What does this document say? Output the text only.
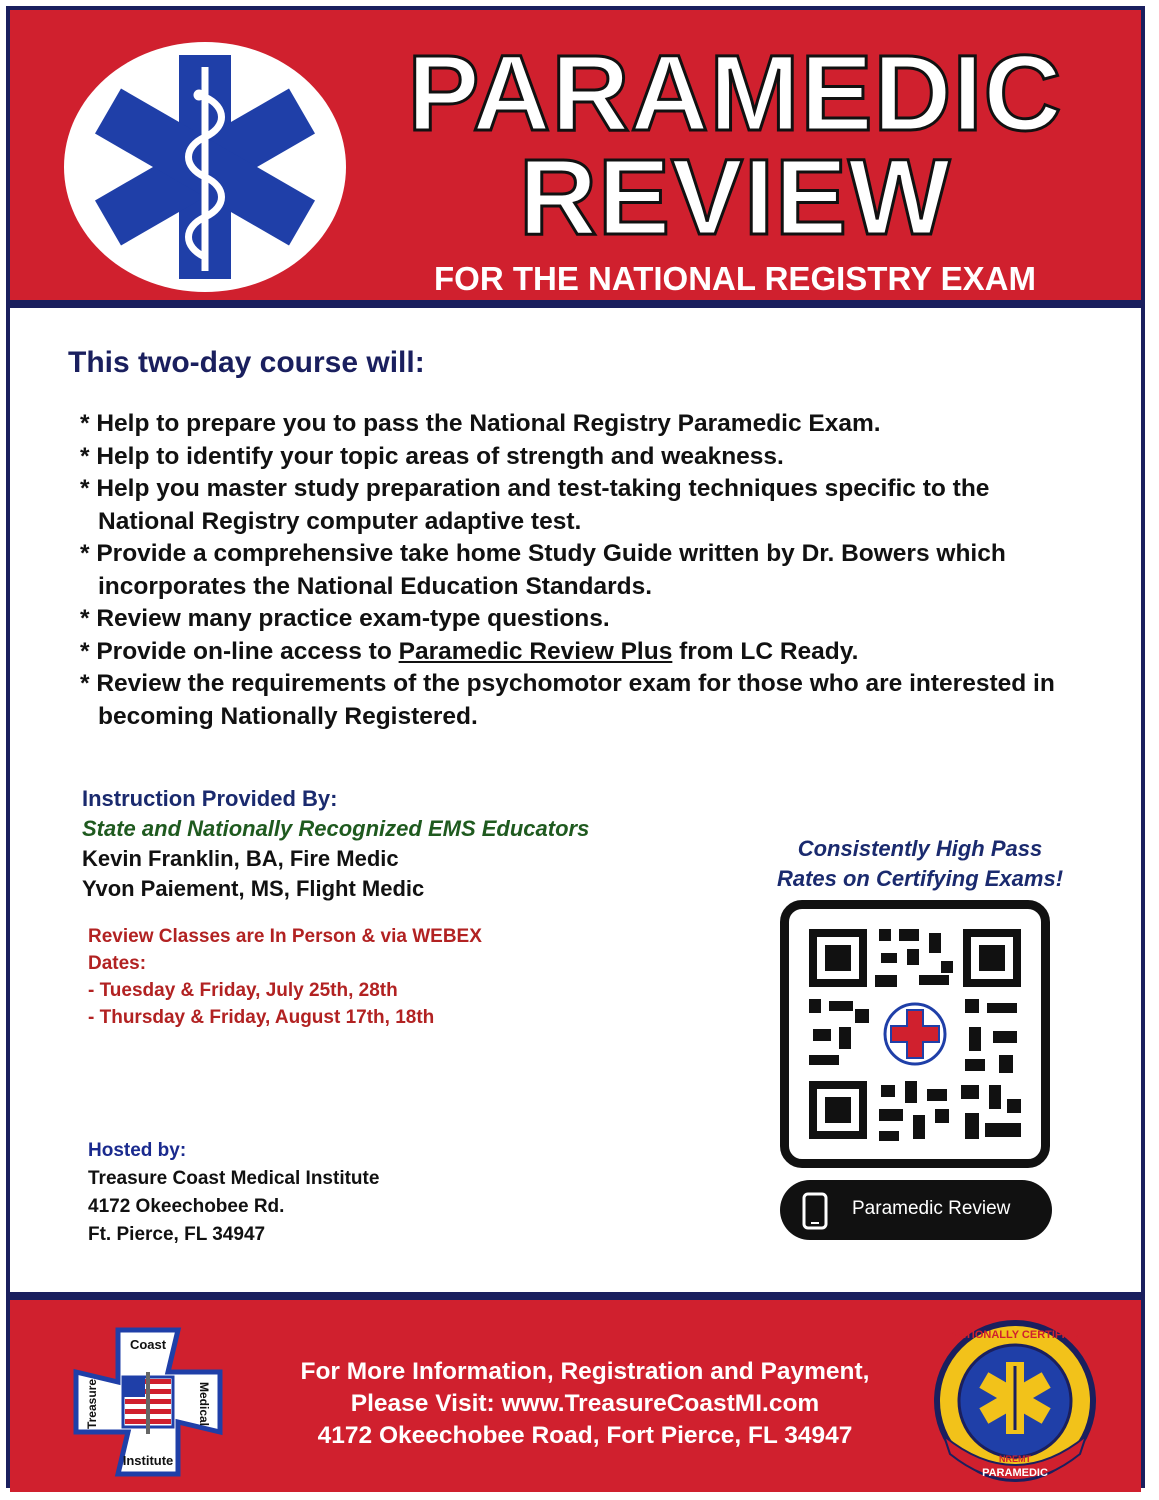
PARAMEDIC
REVIEW
FOR THE NATIONAL REGISTRY EXAM
This two-day course will:
* Help to prepare you to pass the National Registry Paramedic Exam.
* Help to identify your topic areas of strength and weakness.
* Help you master study preparation and test-taking techniques specific to the National Registry computer adaptive test.
* Provide a comprehensive take home Study Guide written by Dr. Bowers which incorporates the National Education Standards.
* Review many practice exam-type questions.
* Provide on-line access to Paramedic Review Plus from LC Ready.
* Review the requirements of the psychomotor exam for those who are interested in becoming Nationally Registered.
Instruction Provided By:
State and Nationally Recognized EMS Educators
Kevin Franklin, BA, Fire Medic
Yvon Paiement, MS, Flight Medic
Review Classes are In Person & via WEBEX
Dates:
- Tuesday & Friday, July 25th, 28th
- Thursday & Friday, August 17th, 18th
Hosted by:
Treasure Coast Medical Institute
4172 Okeechobee Rd.
Ft. Pierce, FL 34947
Consistently High Pass
Rates on Certifying Exams!
Paramedic Review
Coast
Institute
Treasure	Medical
For More Information, Registration and Payment,
Please Visit: www.TreasureCoastMI.com
4172 Okeechobee Road, Fort Pierce, FL 34947
NATIONALLY CERTIFIED
NREMT
PARAMEDIC
